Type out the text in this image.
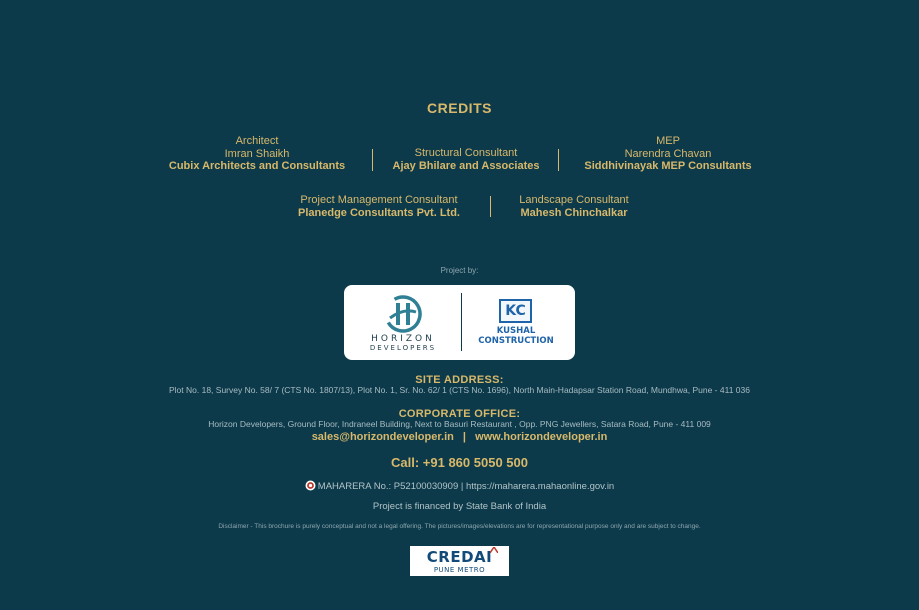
CREDITS
Architect
Imran Shaikh
Cubix Architects and Consultants
Structural Consultant
Ajay Bhilare and Associates
MEP
Narendra Chavan
Siddhivinayak MEP Consultants
Project Management Consultant
Planedge Consultants Pvt. Ltd.
Landscape Consultant
Mahesh Chinchalkar
Project by:
HORIZON
DEVELOPERS
KC
KUSHAL
CONSTRUCTION
SITE ADDRESS:
Plot No. 18, Survey No. 58/ 7 (CTS No. 1807/13), Plot No. 1, Sr. No. 62/ 1 (CTS No. 1696), North Main-Hadapsar Station Road, Mundhwa, Pune - 411 036
CORPORATE OFFICE:
Horizon Developers, Ground Floor, Indraneel Building, Next to Basuri Restaurant , Opp. PNG Jewellers, Satara Road, Pune - 411 009
sales@horizondeveloper.in | www.horizondeveloper.in
Call: +91 860 5050 500
MAHARERA No.: P52100030909 | https://maharera.mahaonline.gov.in
Project is financed by State Bank of India
Disclaimer - This brochure is purely conceptual and not a legal offering. The pictures/images/elevations are for representational purpose only and are subject to change.
CREDAI
PUNE METRO
